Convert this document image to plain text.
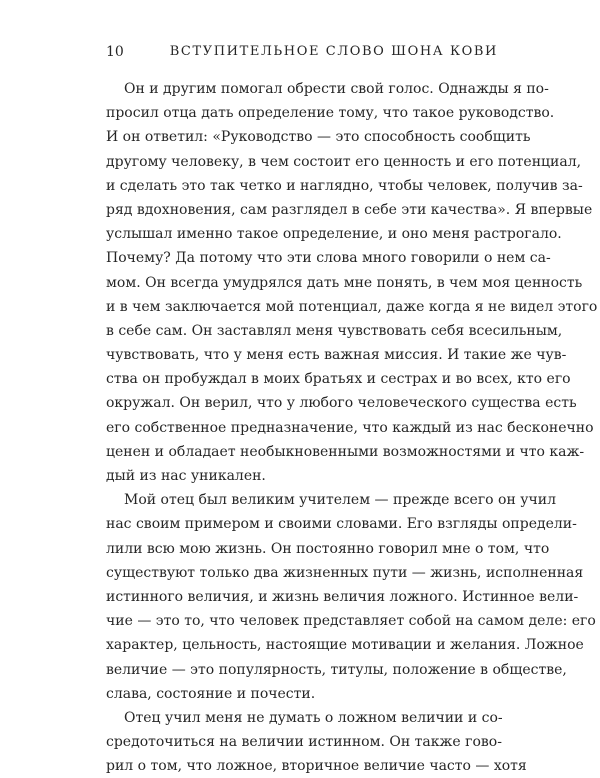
10	ВСТУПИТЕЛЬНОЕ СЛОВО ШОНА КОВИ
Он и другим помогал обрести свой голос. Однажды я по-
просил отца дать определение тому, что такое руководство.
И он ответил: «Руководство — это способность сообщить
другому человеку, в чем состоит его ценность и его потенциал,
и сделать это так четко и наглядно, чтобы человек, получив за-
ряд вдохновения, сам разглядел в себе эти качества». Я впервые
услышал именно такое определение, и оно меня растрогало.
Почему? Да потому что эти слова много говорили о нем са-
мом. Он всегда умудрялся дать мне понять, в чем моя ценность
и в чем заключается мой потенциал, даже когда я не видел этого
в себе сам. Он заставлял меня чувствовать себя всесильным,
чувствовать, что у меня есть важная миссия. И такие же чув-
ства он пробуждал в моих братьях и сестрах и во всех, кто его
окружал. Он верил, что у любого человеческого существа есть
его собственное предназначение, что каждый из нас бесконечно
ценен и обладает необыкновенными возможностями и что каж-
дый из нас уникален.
Мой отец был великим учителем — прежде всего он учил
нас своим примером и своими словами. Его взгляды определи-
лили всю мою жизнь. Он постоянно говорил мне о том, что
существуют только два жизненных пути — жизнь, исполненная
истинного величия, и жизнь величия ложного. Истинное вели-
чие — это то, что человек представляет собой на самом деле: его
характер, цельность, настоящие мотивации и желания. Ложное
величие — это популярность, титулы, положение в обществе,
слава, состояние и почести.
Отец учил меня не думать о ложном величии и со-
средоточиться на величии истинном. Он также гово-
рил о том, что ложное, вторичное величие часто — хотя
